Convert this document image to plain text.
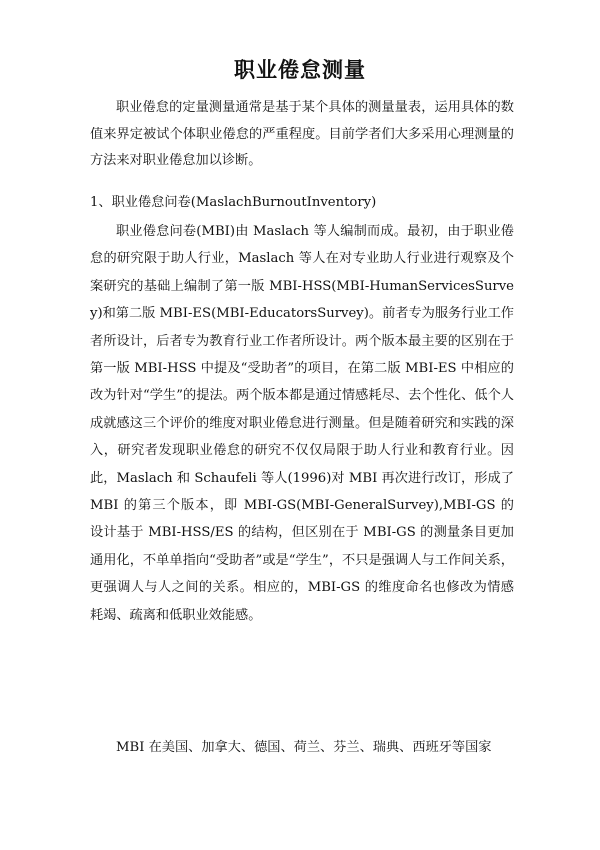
职业倦怠测量

职业倦怠的定量测量通常是基于某个具体的测量量表，运用具体的数值来界定被试个体职业倦怠的严重程度。目前学者们大多采用心理测量的方法来对职业倦怠加以诊断。

1、职业倦怠问卷(MaslachBurnoutInventory)

职业倦怠问卷(MBI)由 Maslach 等人编制而成。最初，由于职业倦怠的研究限于助人行业，Maslach 等人在对专业助人行业进行观察及个案研究的基础上编制了第一版 MBI-HSS(MBI-HumanServicesSurvey)和第二版 MBI-ES(MBI-EducatorsSurvey)。前者专为服务行业工作者所设计，后者专为教育行业工作者所设计。两个版本最主要的区别在于第一版 MBI-HSS 中提及“受助者”的项目，在第二版 MBI-ES 中相应的改为针对“学生”的提法。两个版本都是通过情感耗尽、去个性化、低个人成就感这三个评价的维度对职业倦怠进行测量。但是随着研究和实践的深入，研究者发现职业倦怠的研究不仅仅局限于助人行业和教育行业。因此，Maslach 和 Schaufeli 等人(1996)对 MBI 再次进行改订，形成了 MBI 的第三个版本，即 MBI-GS(MBI-GeneralSurvey),MBI-GS 的设计基于 MBI-HSS/ES 的结构，但区别在于 MBI-GS 的测量条目更加通用化，不单单指向“受助者”或是“学生”，不只是强调人与工作间关系，更强调人与人之间的关系。相应的，MBI-GS 的维度命名也修改为情感耗竭、疏离和低职业效能感。

MBI 在美国、加拿大、德国、荷兰、芬兰、瑞典、西班牙等国家
